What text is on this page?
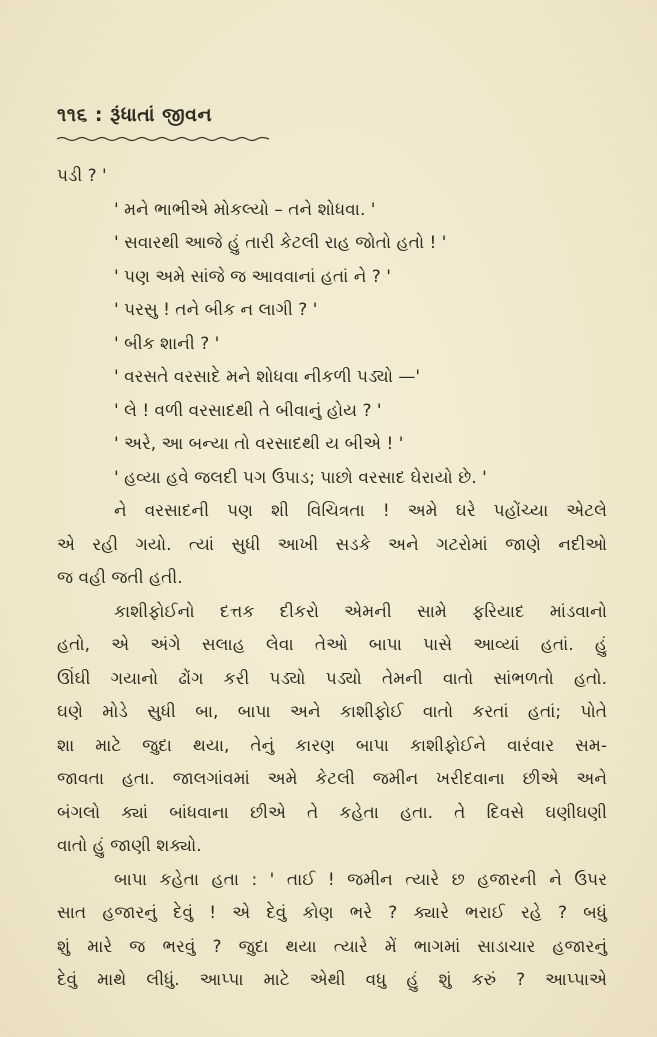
૧૧૬ : રૂંધાતાં જીવન
પડી ? '
' મને ભાભીએ મોકલ્યો – તને શોધવા. '
' સવારથી આજે હું તારી કેટલી રાહ જોતો હતો ! '
' પણ અમે સાંજે જ આવવાનાં હતાં ને ? '
' પરસુ ! તને બીક ન લાગી ? '
' બીક શાની ? '
' વરસતે વરસાદે મને શોધવા નીકળી પડ્યો —'
' લે ! વળી વરસાદથી તે બીવાનું હોય ? '
' અરે, આ બન્યા તો વરસાદથી ય બીએ ! '
' હવ્યા હવે જલદી પગ ઉપાડ; પાછો વરસાદ ઘેરાયો છે. '
ને વરસાદની પણ શી વિચિત્રતા ! અમે ઘરે પહોંચ્યા એટલે
એ રહી ગયો. ત્યાં સુધી આખી સડકે અને ગટરોમાં જાણે નદીઓ
જ વહી જતી હતી.
કાશીફોઈનો દત્તક દીકરો એમની સામે ફરિયાદ માંડવાનો
હતો, એ અંગે સલાહ લેવા તેઓ બાપા પાસે આવ્યાં હતાં. હું
ઊંઘી ગયાનો ઢોંગ કરી પડ્યો પડ્યો તેમની વાતો સાંભળતો હતો.
ઘણે મોડે સુધી બા, બાપા અને કાશીફોઈ વાતો કરતાં હતાં; પોતે
શા માટે જુદા થયા, તેનું કારણ બાપા કાશીફોઈને વારંવાર સમ-
જાવતા હતા. જાલગાંવમાં અમે કેટલી જમીન ખરીદવાના છીએ અને
બંગલો ક્યાં બાંધવાના છીએ તે કહેતા હતા. તે દિવસે ઘણીઘણી
વાતો હું જાણી શક્યો.
બાપા કહેતા હતા : ' તાઈ ! જમીન ત્યારે છ હજારની ને ઉપર
સાત હજારનું દેવું ! એ દેવું કોણ ભરે ? ક્યારે ભરાઈ રહે ? બધું
શું મારે જ ભરવું ? જુદા થયા ત્યારે મેં ભાગમાં સાડાચાર હજારનું
દેવું માથે લીધું. આપ્પા માટે એથી વધુ હું શું કરું ? આપ્પાએ
